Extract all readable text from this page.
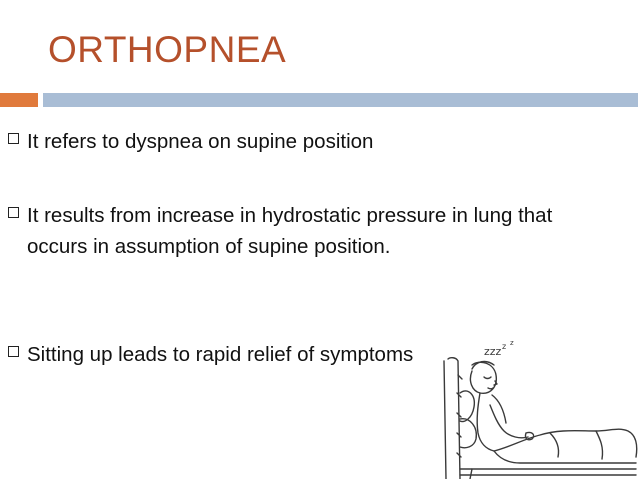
ORTHOPNEA
It refers to dyspnea on supine position
It results from increase in hydrostatic pressure in lung that occurs in assumption of supine position.
Sitting up leads to rapid relief of symptoms	zzz z z
